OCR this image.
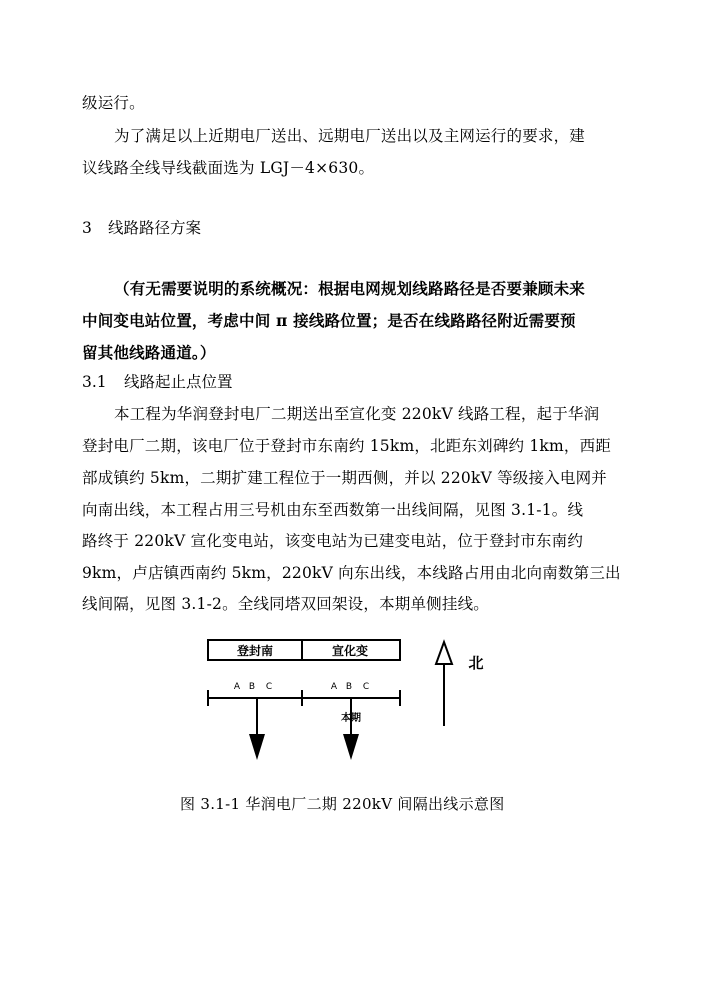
级运行。
为了满足以上近期电厂送出、远期电厂送出以及主网运行的要求，建
议线路全线导线截面选为 LGJ－4×630。
3 线路路径方案
（有无需要说明的系统概况：根据电网规划线路路径是否要兼顾未来
中间变电站位置，考虑中间 π 接线路位置；是否在线路路径附近需要预
留其他线路通道。）
3.1 线路起止点位置
本工程为华润登封电厂二期送出至宣化变 220kV 线路工程，起于华润
登封电厂二期，该电厂位于登封市东南约 15km，北距东刘碑约 1km，西距
部成镇约 5km，二期扩建工程位于一期西侧，并以 220kV 等级接入电网并
向南出线，本工程占用三号机由东至西数第一出线间隔，见图 3.1-1。线
路终于 220kV 宣化变电站，该变电站为已建变电站，位于登封市东南约
9km，卢店镇西南约 5km，220kV 向东出线，本线路占用由北向南数第三出
线间隔，见图 3.1-2。全线同塔双回架设，本期单侧挂线。
登封南	宣化变
A B C	A B C
本期
北
图 3.1-1 华润电厂二期 220kV 间隔出线示意图
